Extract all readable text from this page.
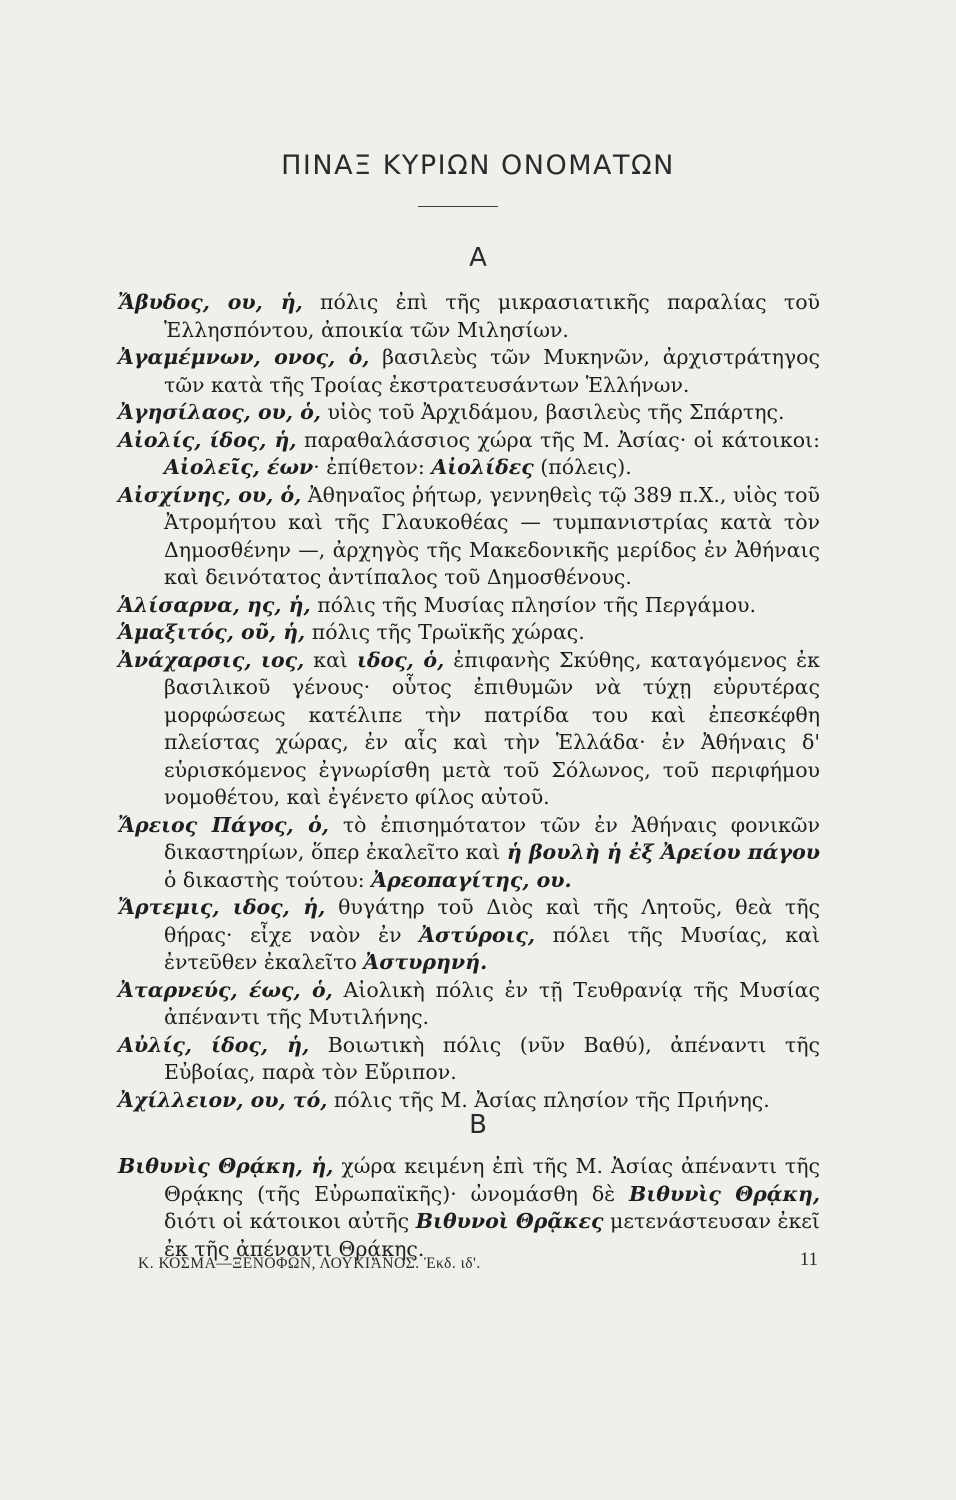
ΠΙΝΑΞ ΚΥΡΙΩΝ ΟΝΟΜΑΤΩΝ
Α

Ἄβυδος, ου, ἡ, πόλις ἐπὶ τῆς μικρασιατικῆς παραλίας τοῦ Ἑλλησπόντου, ἀποικία τῶν Μιλησίων.

Ἀγαμέμνων, ονος, ὁ, βασιλεὺς τῶν Μυκηνῶν, ἀρχιστράτηγος τῶν κατὰ τῆς Τροίας ἐκστρατευσάντων Ἑλλήνων.

Ἀγησίλαος, ου, ὁ, υἱὸς τοῦ Ἀρχιδάμου, βασιλεὺς τῆς Σπάρτης.

Αἰολίς, ίδος, ἡ, παραθαλάσσιος χώρα τῆς Μ. Ἀσίας· οἱ κάτοικοι: Αἰολεῖς, έων· ἐπίθετον: Αἰολίδες (πόλεις).

Αἰσχίνης, ου, ὁ, Ἀθηναῖος ῥήτωρ, γεννηθεὶς τῷ 389 π.Χ., υἱὸς τοῦ Ἀτρομήτου καὶ τῆς Γλαυκοθέας — τυμπανιστρίας κατὰ τὸν Δημοσθένην —, ἀρχηγὸς τῆς Μακεδονικῆς μερίδος ἐν Ἀθήναις καὶ δεινότατος ἀντίπαλος τοῦ Δημοσθένους.

Ἁλίσαρνα, ης, ἡ, πόλις τῆς Μυσίας πλησίον τῆς Περγάμου.

Ἁμαξιτός, οῦ, ἡ, πόλις τῆς Τρωϊκῆς χώρας.

Ἀνάχαρσις, ιος, καὶ ιδος, ὁ, ἐπιφανὴς Σκύθης, καταγόμενος ἐκ βασιλικοῦ γένους· οὗτος ἐπιθυμῶν νὰ τύχῃ εὐρυτέρας μορφώσεως κατέλιπε τὴν πατρίδα του καὶ ἐπεσκέφθη πλείστας χώρας, ἐν αἷς καὶ τὴν Ἑλλάδα· ἐν Ἀθήναις δ' εὑρισκόμενος ἐγνωρίσθη μετὰ τοῦ Σόλωνος, τοῦ περιφήμου νομοθέτου, καὶ ἐγένετο φίλος αὐτοῦ.

Ἄρειος Πάγος, ὁ, τὸ ἐπισημότατον τῶν ἐν Ἀθήναις φονικῶν δικαστηρίων, ὅπερ ἐκαλεῖτο καὶ ἡ βουλὴ ἡ ἐξ Ἀρείου πάγου ὁ δικαστὴς τούτου: Ἀρεοπαγίτης, ου.

Ἄρτεμις, ιδος, ἡ, θυγάτηρ τοῦ Διὸς καὶ τῆς Λητοῦς, θεὰ τῆς θήρας· εἶχε ναὸν ἐν Ἀστύροις, πόλει τῆς Μυσίας, καὶ ἐντεῦθεν ἐκαλεῖτο Ἀστυρηνή.

Ἀταρνεύς, έως, ὁ, Αἰολικὴ πόλις ἐν τῇ Τευθρανίᾳ τῆς Μυσίας ἀπέναντι τῆς Μυτιλήνης.

Αὐλίς, ίδος, ἡ, Βοιωτικὴ πόλις (νῦν Βαθύ), ἀπέναντι τῆς Εὐβοίας, παρὰ τὸν Εὔριπον.

Ἀχίλλειον, ου, τό, πόλις τῆς Μ. Ἀσίας πλησίον τῆς Πριήνης.

Β

Βιθυνὶς Θρᾴκη, ἡ, χώρα κειμένη ἐπὶ τῆς Μ. Ἀσίας ἀπέναντι τῆς Θρᾴκης (τῆς Εὐρωπαϊκῆς)· ὠνομάσθη δὲ Βιθυνὶς Θρᾴκη, διότι οἱ κάτοικοι αὐτῆς Βιθυνοὶ Θρᾷκες μετενάστευσαν ἐκεῖ ἐκ τῆς ἀπέναντι Θρᾴκης.

Κ. ΚΟΣΜΑ—ΞΕΝΟΦΩΝ, ΛΟΥΚΙΑΝΟΣ. Ἐκδ. ιδ'.	11
